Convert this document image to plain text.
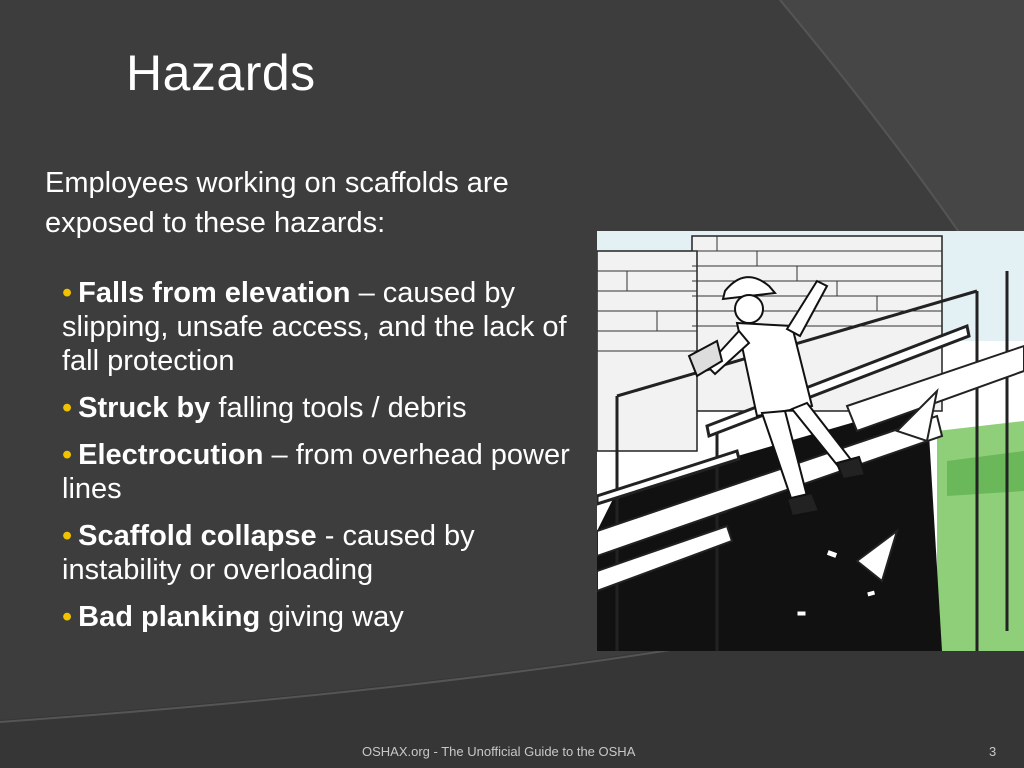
Hazards
Employees working on scaffolds are exposed to these hazards:
• Falls from elevation – caused by slipping, unsafe access, and the lack of fall protection
• Struck by falling tools / debris
• Electrocution – from overhead power lines
• Scaffold collapse - caused by instability or overloading
• Bad planking giving way
OSHAX.org - The Unofficial Guide to the OSHA	3
